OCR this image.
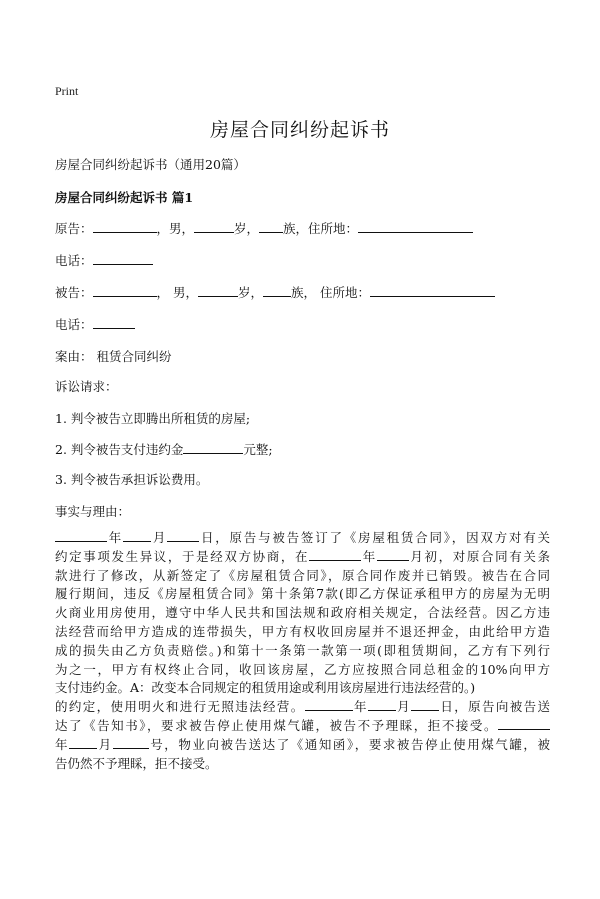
Print
房屋合同纠纷起诉书
房屋合同纠纷起诉书（通用20篇）
房屋合同纠纷起诉书 篇1
原告：	，男，	岁， 族，住所地：
电话：
被告：	， 男，	岁， 族， 住所地：
电话：
案由： 租赁合同纠纷
诉讼请求：
1. 判令被告立即腾出所租赁的房屋;
2. 判令被告支付违约金	元整;
3. 判令被告承担诉讼费用。
事实与理由：
年 月	日，原告与被告签订了《房屋租赁合同》，因双方对有关
约定事项发生异议，于是经双方协商，在	年	月初，对原合同有关条
款进行了修改，从新签定了《房屋租赁合同》，原合同作废并已销毁。被告在合同
履行期间，违反《房屋租赁合同》第十条第7款(即乙方保证承租甲方的房屋为无明
火商业用房使用，遵守中华人民共和国法规和政府相关规定，合法经营。因乙方违
法经营而给甲方造成的连带损失，甲方有权收回房屋并不退还押金，由此给甲方造
成的损失由乙方负责赔偿。)和第十一条第一款第一项(即租赁期间，乙方有下列行
为之一，甲方有权终止合同，收回该房屋，乙方应按照合同总租金的10%向甲方
支付违约金。A：改变本合同规定的租赁用途或利用该房屋进行违法经营的。)
的约定，使用明火和进行无照违法经营。	年 月 日，原告向被告送
达了《告知书》，要求被告停止使用煤气罐，被告不予理睬，拒不接受。
年 月	号，物业向被告送达了《通知函》，要求被告停止使用煤气罐，被
告仍然不予理睬，拒不接受。
